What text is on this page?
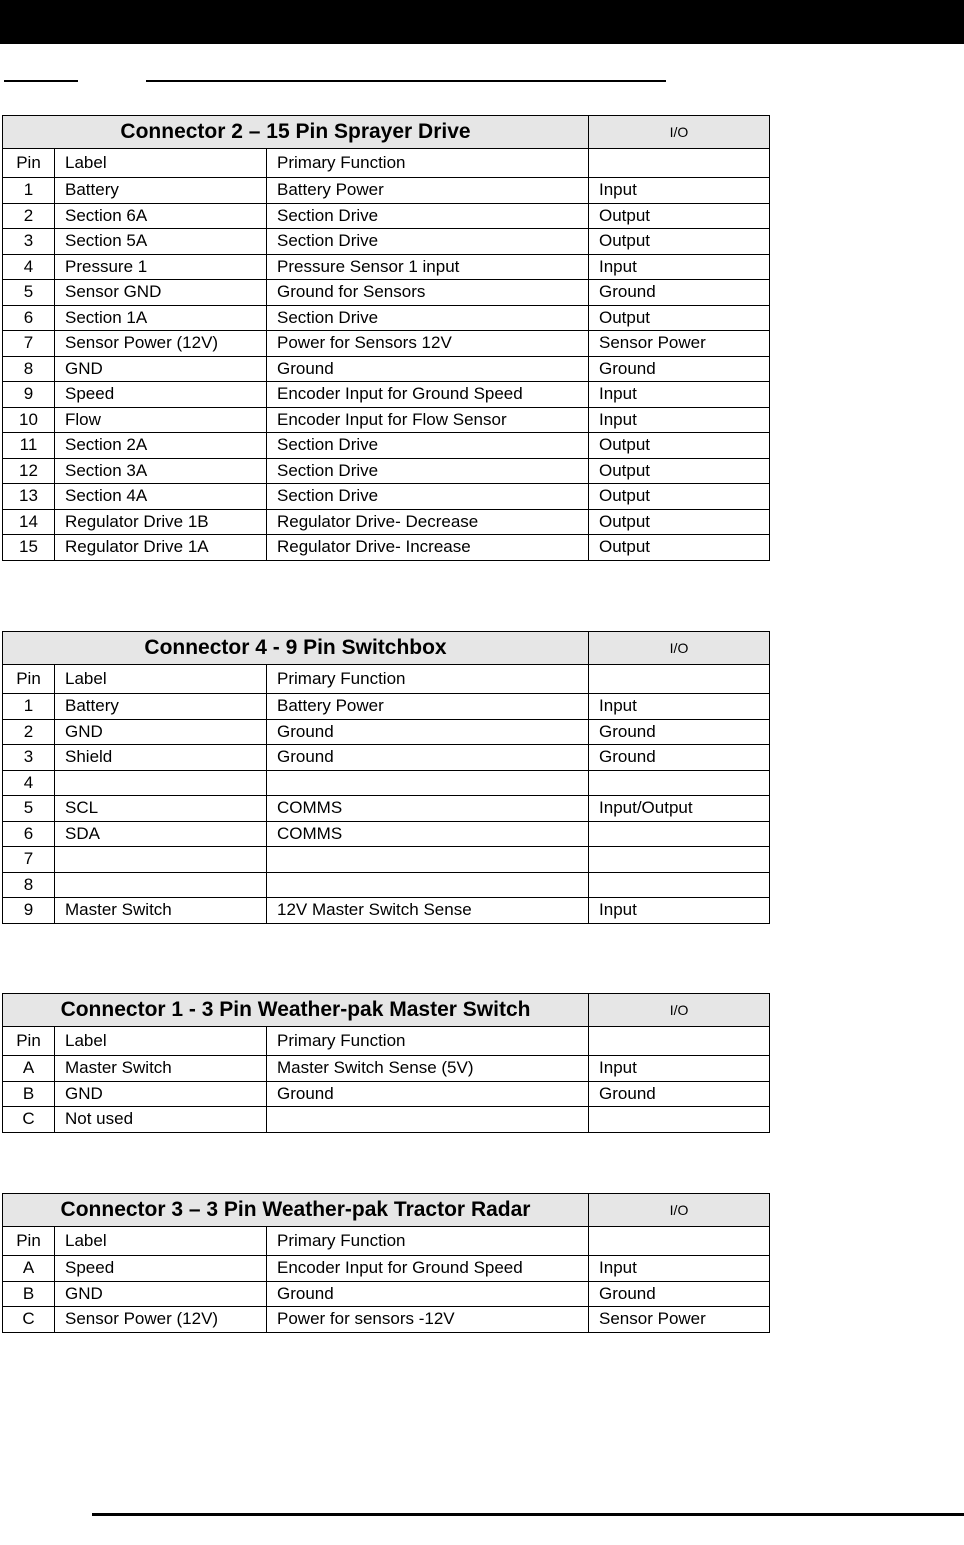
Connector 2 – 15 Pin Sprayer Drive			I/O
Pin	Label	Primary Function	
1	Battery	Battery Power	Input
2	Section 6A	Section Drive	Output
3	Section 5A	Section Drive	Output
4	Pressure 1	Pressure Sensor 1 input	Input
5	Sensor GND	Ground for Sensors	Ground
6	Section 1A	Section Drive	Output
7	Sensor Power (12V)	Power for Sensors 12V	Sensor Power
8	GND	Ground	Ground
9	Speed	Encoder Input for Ground Speed	Input
10	Flow	Encoder Input for Flow Sensor	Input
11	Section 2A	Section Drive	Output
12	Section 3A	Section Drive	Output
13	Section 4A	Section Drive	Output
14	Regulator Drive 1B	Regulator Drive- Decrease	Output
15	Regulator Drive 1A	Regulator Drive- Increase	Output
Connector 4 - 9 Pin Switchbox			I/O
Pin	Label	Primary Function	
1	Battery	Battery Power	Input
2	GND	Ground	Ground
3	Shield	Ground	Ground
4			
5	SCL	COMMS	Input/Output
6	SDA	COMMS	
7			
8			
9	Master Switch	12V Master Switch Sense	Input
Connector 1 - 3 Pin Weather-pak Master Switch			I/O
Pin	Label	Primary Function	
A	Master Switch	Master Switch Sense (5V)	Input
B	GND	Ground	Ground
C	Not used		
Connector 3 – 3 Pin Weather-pak Tractor Radar			I/O
Pin	Label	Primary Function	
A	Speed	Encoder Input for Ground Speed	Input
B	GND	Ground	Ground
C	Sensor Power (12V)	Power for sensors -12V	Sensor Power
